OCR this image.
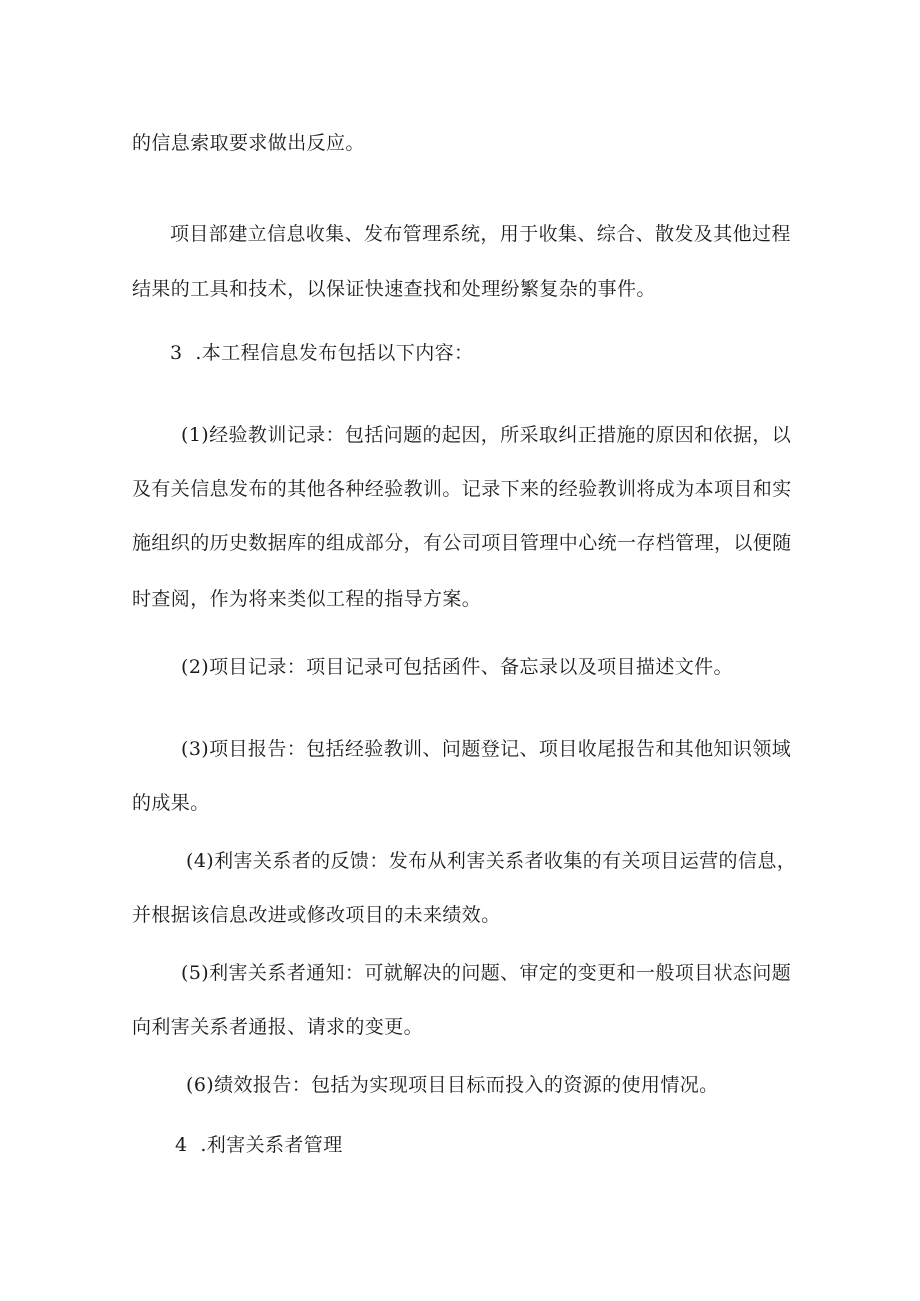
的信息索取要求做出反应。
项目部建立信息收集、发布管理系统，用于收集、综合、散发及其他过程
结果的工具和技术，以保证快速查找和处理纷繁复杂的事件。
3  .本工程信息发布包括以下内容：
(1)经验教训记录：包括问题的起因，所采取纠正措施的原因和依据，以
及有关信息发布的其他各种经验教训。记录下来的经验教训将成为本项目和实
施组织的历史数据库的组成部分，有公司项目管理中心统一存档管理，以便随
时查阅，作为将来类似工程的指导方案。
(2)项目记录：项目记录可包括函件、备忘录以及项目描述文件。
(3)项目报告：包括经验教训、问题登记、项目收尾报告和其他知识领域
的成果。
(4)利害关系者的反馈：发布从利害关系者收集的有关项目运营的信息，
并根据该信息改进或修改项目的未来绩效。
(5)利害关系者通知：可就解决的问题、审定的变更和一般项目状态问题
向利害关系者通报、请求的变更。
(6)绩效报告：包括为实现项目目标而投入的资源的使用情况。
4  .利害关系者管理
